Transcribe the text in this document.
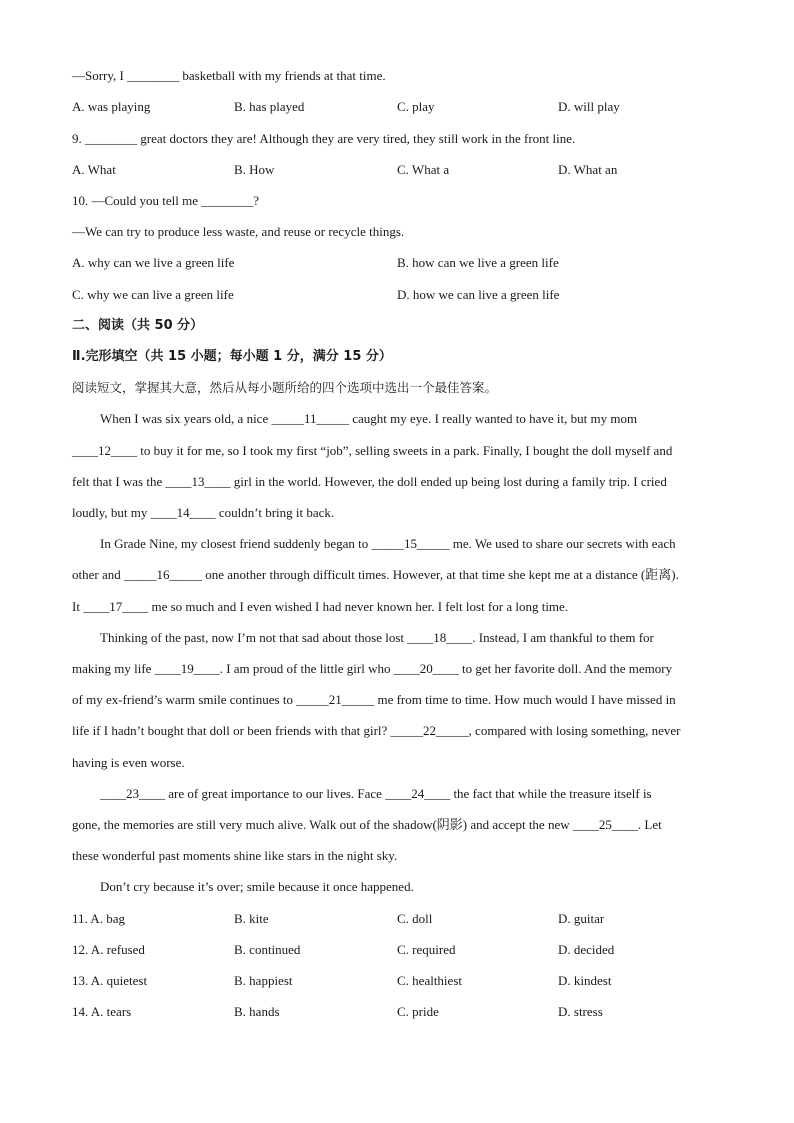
—Sorry, I ________ basketball with my friends at that time.
A. was playing	B. has played	C. play	D. will play
9. ________ great doctors they are! Although they are very tired, they still work in the front line.
A. What	B. How	C. What a	D. What an
10. —Could you tell me ________?
—We can try to produce less waste, and reuse or recycle things.
A. why can we live a green life	B. how can we live a green life
C. why we can live a green life	D. how we can live a green life
二、阅读（共 50 分）
Ⅱ.完形填空（共 15 小题；每小题 1 分，满分 15 分）
阅读短文，掌握其大意，然后从每小题所给的四个选项中选出一个最佳答案。
When I was six years old, a nice _____11_____ caught my eye. I really wanted to have it, but my mom
____12____ to buy it for me, so I took my first “job”, selling sweets in a park. Finally, I bought the doll myself and
felt that I was the ____13____ girl in the world. However, the doll ended up being lost during a family trip. I cried
loudly, but my ____14____ couldn’t bring it back.
In Grade Nine, my closest friend suddenly began to _____15_____ me. We used to share our secrets with each
other and _____16_____ one another through difficult times. However, at that time she kept me at a distance (距离).
It ____17____ me so much and I even wished I had never known her. I felt lost for a long time.
Thinking of the past, now I’m not that sad about those lost ____18____. Instead, I am thankful to them for
making my life ____19____. I am proud of the little girl who ____20____ to get her favorite doll. And the memory
of my ex-friend’s warm smile continues to _____21_____ me from time to time. How much would I have missed in
life if I hadn’t bought that doll or been friends with that girl? _____22_____, compared with losing something, never
having is even worse.
____23____ are of great importance to our lives. Face ____24____ the fact that while the treasure itself is
gone, the memories are still very much alive. Walk out of the shadow(阴影) and accept the new ____25____. Let
these wonderful past moments shine like stars in the night sky.
Don’t cry because it’s over; smile because it once happened.
11. A. bag	B. kite	C. doll	D. guitar
12. A. refused	B. continued	C. required	D. decided
13. A. quietest	B. happiest	C. healthiest	D. kindest
14. A. tears	B. hands	C. pride	D. stress
